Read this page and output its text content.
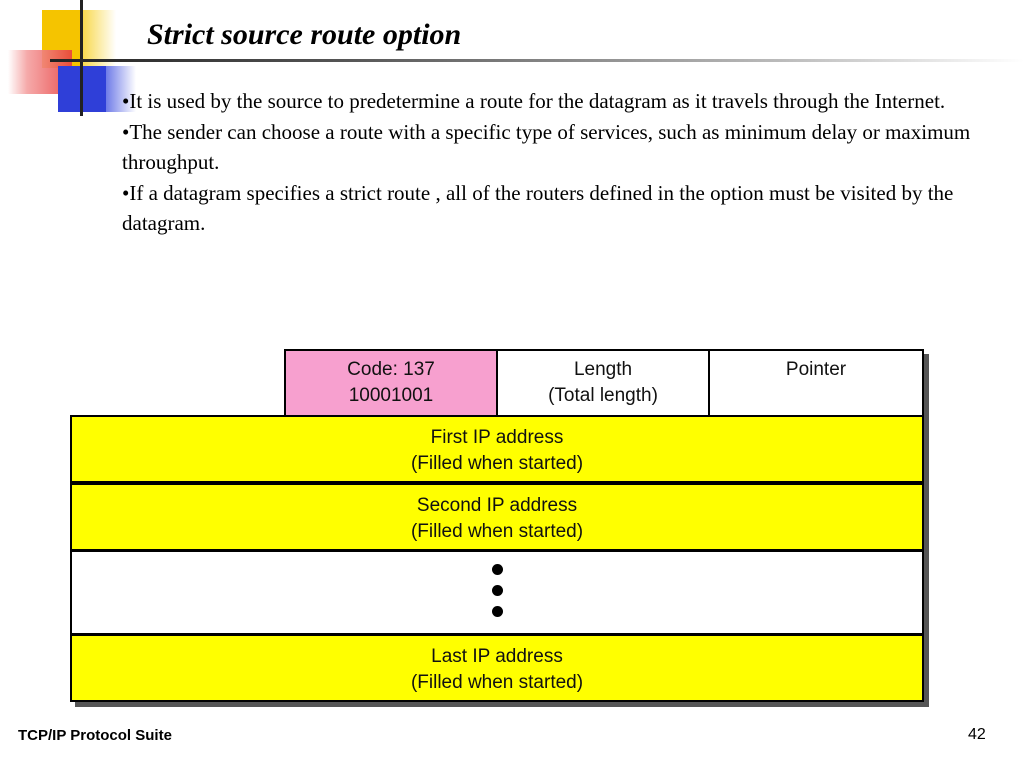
Strict source route option

•It is used by the source to predetermine a route for the datagram as it travels through the Internet.

•The sender can choose a route with a specific type of services, such as minimum delay or maximum throughput.

•If a datagram specifies a strict route , all of the routers defined in the option must be visited by the datagram.

Code: 137
10001001
Length
(Total length)
Pointer
First IP address
(Filled when started)
Second IP address
(Filled when started)
Last IP address
(Filled when started)
TCP/IP Protocol Suite	42
